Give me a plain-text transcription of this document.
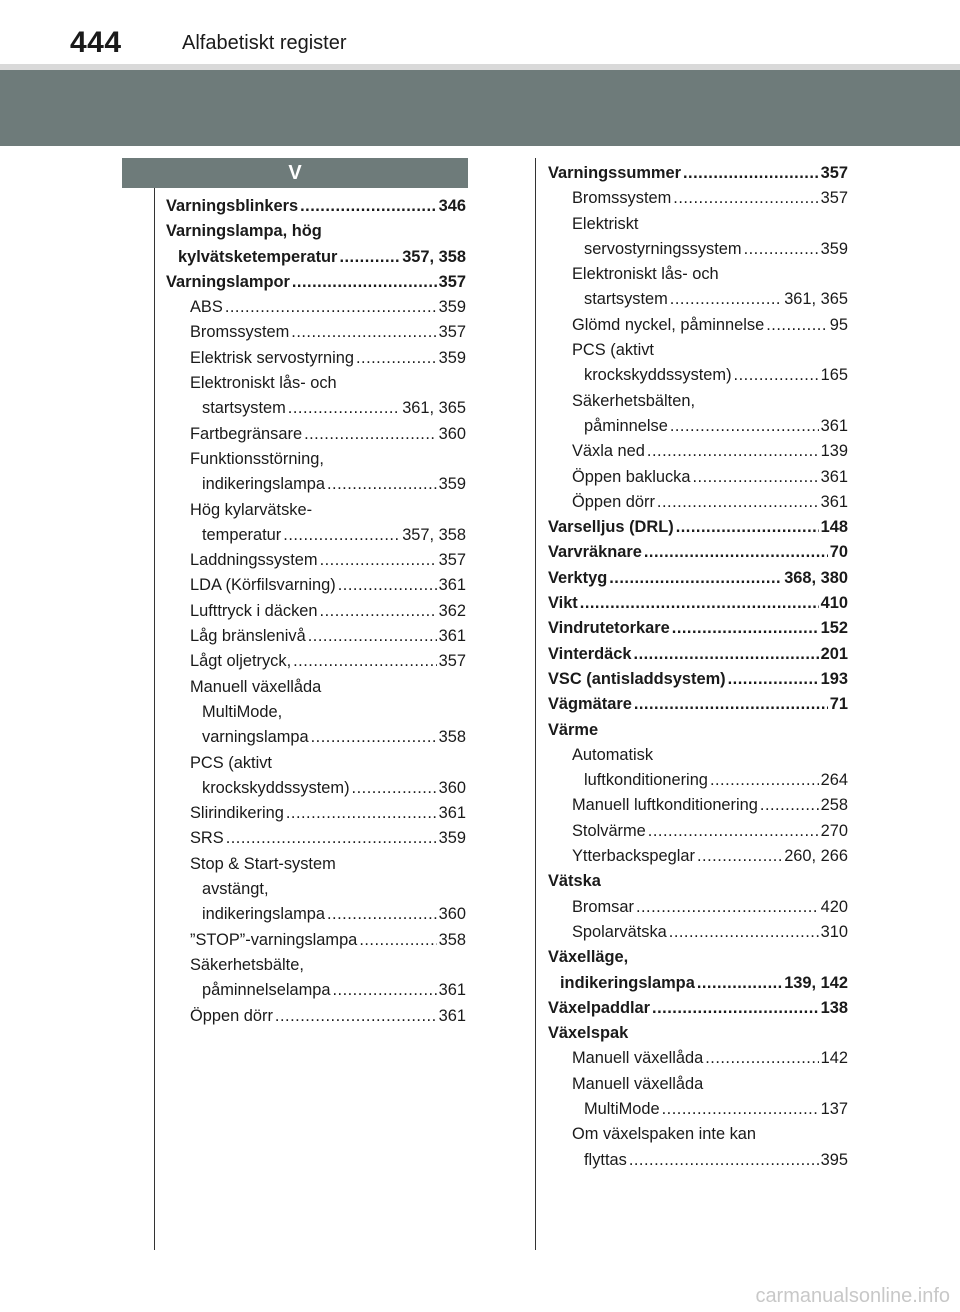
444	Alfabetiskt register
V
Varningsblinkers .....	346
Varningslampa, hög
kylvätsketemperatur .....	357, 358
Varningslampor .....	357
ABS .....	359
Bromssystem .....	357
Elektrisk servostyrning .....	359
Elektroniskt lås- och
startsystem .....	361, 365
Fartbegränsare .....	360
Funktionsstörning,
indikeringslampa .....	359
Hög kylarvätske-
temperatur .....	357, 358
Laddningssystem .....	357
LDA (Körfilsvarning) .....	361
Lufttryck i däcken .....	362
Låg bränslenivå .....	361
Lågt oljetryck, .....	357
Manuell växellåda
MultiMode,
varningslampa .....	358
PCS (aktivt
krockskyddssystem) .....	360
Slirindikering .....	361
SRS .....	359
Stop & Start-system
avstängt,
indikeringslampa .....	360
”STOP”-varningslampa .....	358
Säkerhetsbälte,
påminnelselampa .....	361
Öppen dörr .....	361
Varningssummer .....	357
Bromssystem .....	357
Elektriskt
servostyrningssystem .....	359
Elektroniskt lås- och
startsystem .....	361, 365
Glömd nyckel, påminnelse .....	95
PCS (aktivt
krockskyddssystem) .....	165
Säkerhetsbälten,
påminnelse .....	361
Växla ned .....	139
Öppen baklucka .....	361
Öppen dörr .....	361
Varselljus (DRL) .....	148
Varvräknare .....	70
Verktyg .....	368, 380
Vikt .....	410
Vindrutetorkare .....	152
Vinterdäck .....	201
VSC (antisladdsystem) .....	193
Vägmätare .....	71
Värme
Automatisk
luftkonditionering .....	264
Manuell luftkonditionering .....	258
Stolvärme .....	270
Ytterbackspeglar .....	260, 266
Vätska
Bromsar .....	420
Spolarvätska .....	310
Växelläge,
indikeringslampa .....	139, 142
Växelpaddlar .....	138
Växelspak
Manuell växellåda .....	142
Manuell växellåda
MultiMode .....	137
Om växelspaken inte kan
flyttas .....	395
carmanualsonline.info
